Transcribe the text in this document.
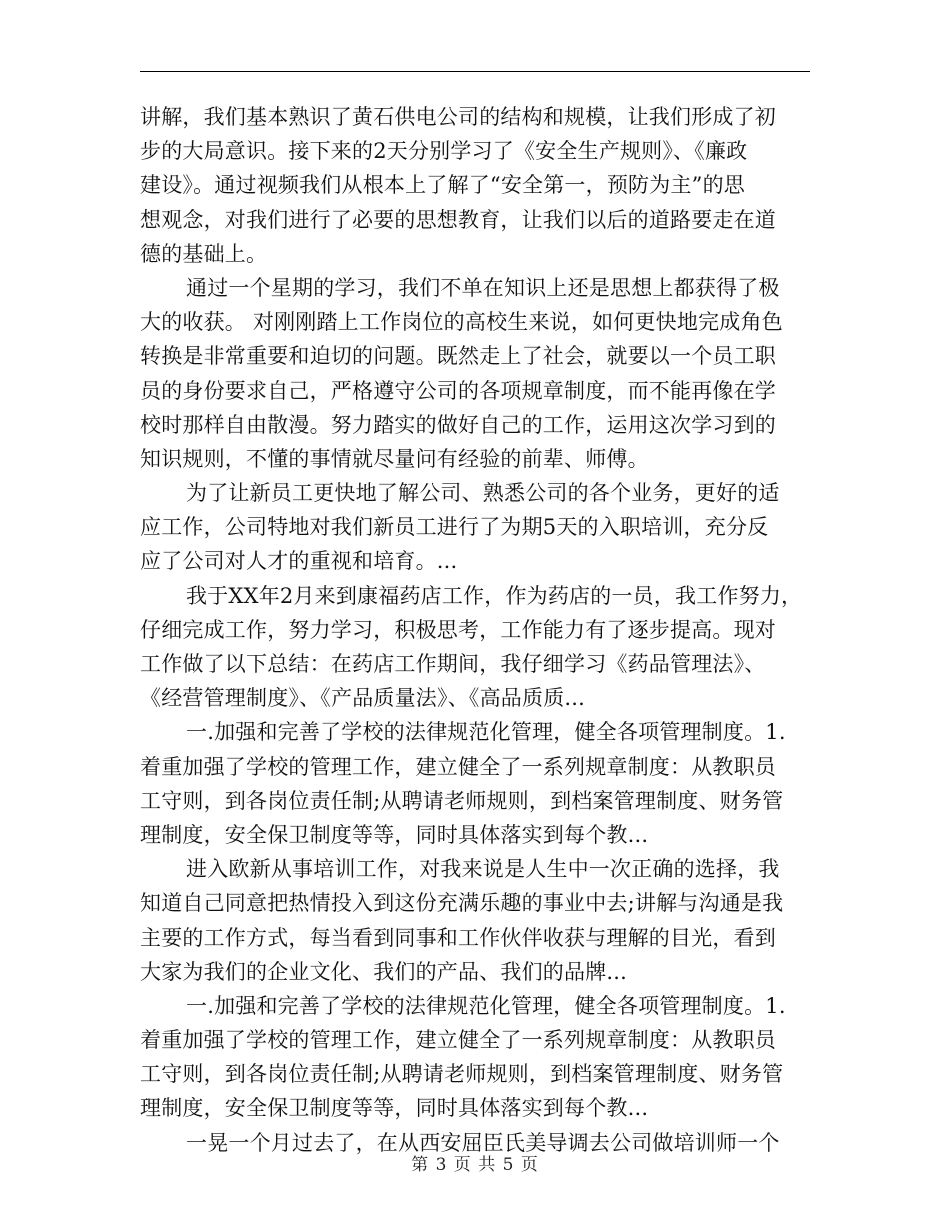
讲解，我们基本熟识了黄石供电公司的结构和规模，让我们形成了初
步的大局意识。接下来的2天分别学习了《安全生产规则》、《廉政
建设》。通过视频我们从根本上了解了“安全第一，预防为主”的思
想观念，对我们进行了必要的思想教育，让我们以后的道路要走在道
德的基础上。
通过一个星期的学习，我们不单在知识上还是思想上都获得了极
大的收获。 对刚刚踏上工作岗位的高校生来说，如何更快地完成角色
转换是非常重要和迫切的问题。既然走上了社会，就要以一个员工职
员的身份要求自己，严格遵守公司的各项规章制度，而不能再像在学
校时那样自由散漫。努力踏实的做好自己的工作，运用这次学习到的
知识规则，不懂的事情就尽量问有经验的前辈、师傅。
为了让新员工更快地了解公司、熟悉公司的各个业务，更好的适
应工作，公司特地对我们新员工进行了为期5天的入职培训，充分反
应了公司对人才的重视和培育。...
我于XX年2月来到康福药店工作，作为药店的一员，我工作努力，
仔细完成工作，努力学习，积极思考，工作能力有了逐步提高。现对
工作做了以下总结：在药店工作期间，我仔细学习《药品管理法》、
《经营管理制度》、《产品质量法》、《高品质质...
一.加强和完善了学校的法律规范化管理，健全各项管理制度。1.
着重加强了学校的管理工作，建立健全了一系列规章制度：从教职员
工守则，到各岗位责任制;从聘请老师规则，到档案管理制度、财务管
理制度，安全保卫制度等等，同时具体落实到每个教...
进入欧新从事培训工作，对我来说是人生中一次正确的选择，我
知道自己同意把热情投入到这份充满乐趣的事业中去;讲解与沟通是我
主要的工作方式，每当看到同事和工作伙伴收获与理解的目光，看到
大家为我们的企业文化、我们的产品、我们的品牌...
一.加强和完善了学校的法律规范化管理，健全各项管理制度。1.
着重加强了学校的管理工作，建立健全了一系列规章制度：从教职员
工守则，到各岗位责任制;从聘请老师规则，到档案管理制度、财务管
理制度，安全保卫制度等等，同时具体落实到每个教...
一晃一个月过去了，在从西安屈臣氏美导调去公司做培训师一个
第 3 页 共 5 页
